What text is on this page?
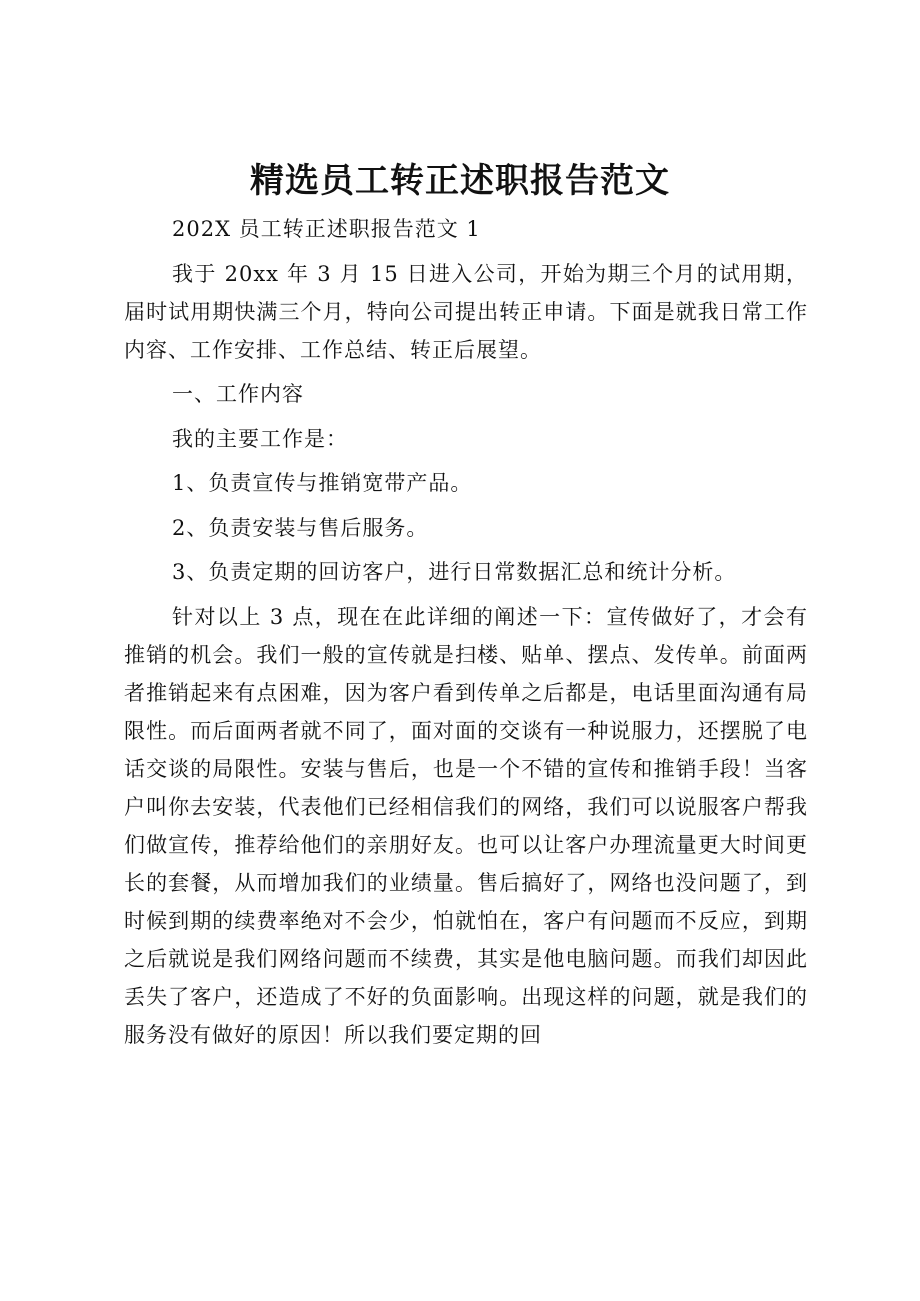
精选员工转正述职报告范文

202X 员工转正述职报告范文 1

我于 20xx 年 3 月 15 日进入公司，开始为期三个月的试用期，届时试用期快满三个月，特向公司提出转正申请。下面是就我日常工作内容、工作安排、工作总结、转正后展望。

一、工作内容

我的主要工作是：

1、负责宣传与推销宽带产品。

2、负责安装与售后服务。

3、负责定期的回访客户，进行日常数据汇总和统计分析。

针对以上 3 点，现在在此详细的阐述一下：宣传做好了，才会有推销的机会。我们一般的宣传就是扫楼、贴单、摆点、发传单。前面两者推销起来有点困难，因为客户看到传单之后都是，电话里面沟通有局限性。而后面两者就不同了，面对面的交谈有一种说服力，还摆脱了电话交谈的局限性。安装与售后，也是一个不错的宣传和推销手段！当客户叫你去安装，代表他们已经相信我们的网络，我们可以说服客户帮我们做宣传，推荐给他们的亲朋好友。也可以让客户办理流量更大时间更长的套餐，从而增加我们的业绩量。售后搞好了，网络也没问题了，到时候到期的续费率绝对不会少，怕就怕在，客户有问题而不反应，到期之后就说是我们网络问题而不续费，其实是他电脑问题。而我们却因此丢失了客户，还造成了不好的负面影响。出现这样的问题，就是我们的服务没有做好的原因！所以我们要定期的回
